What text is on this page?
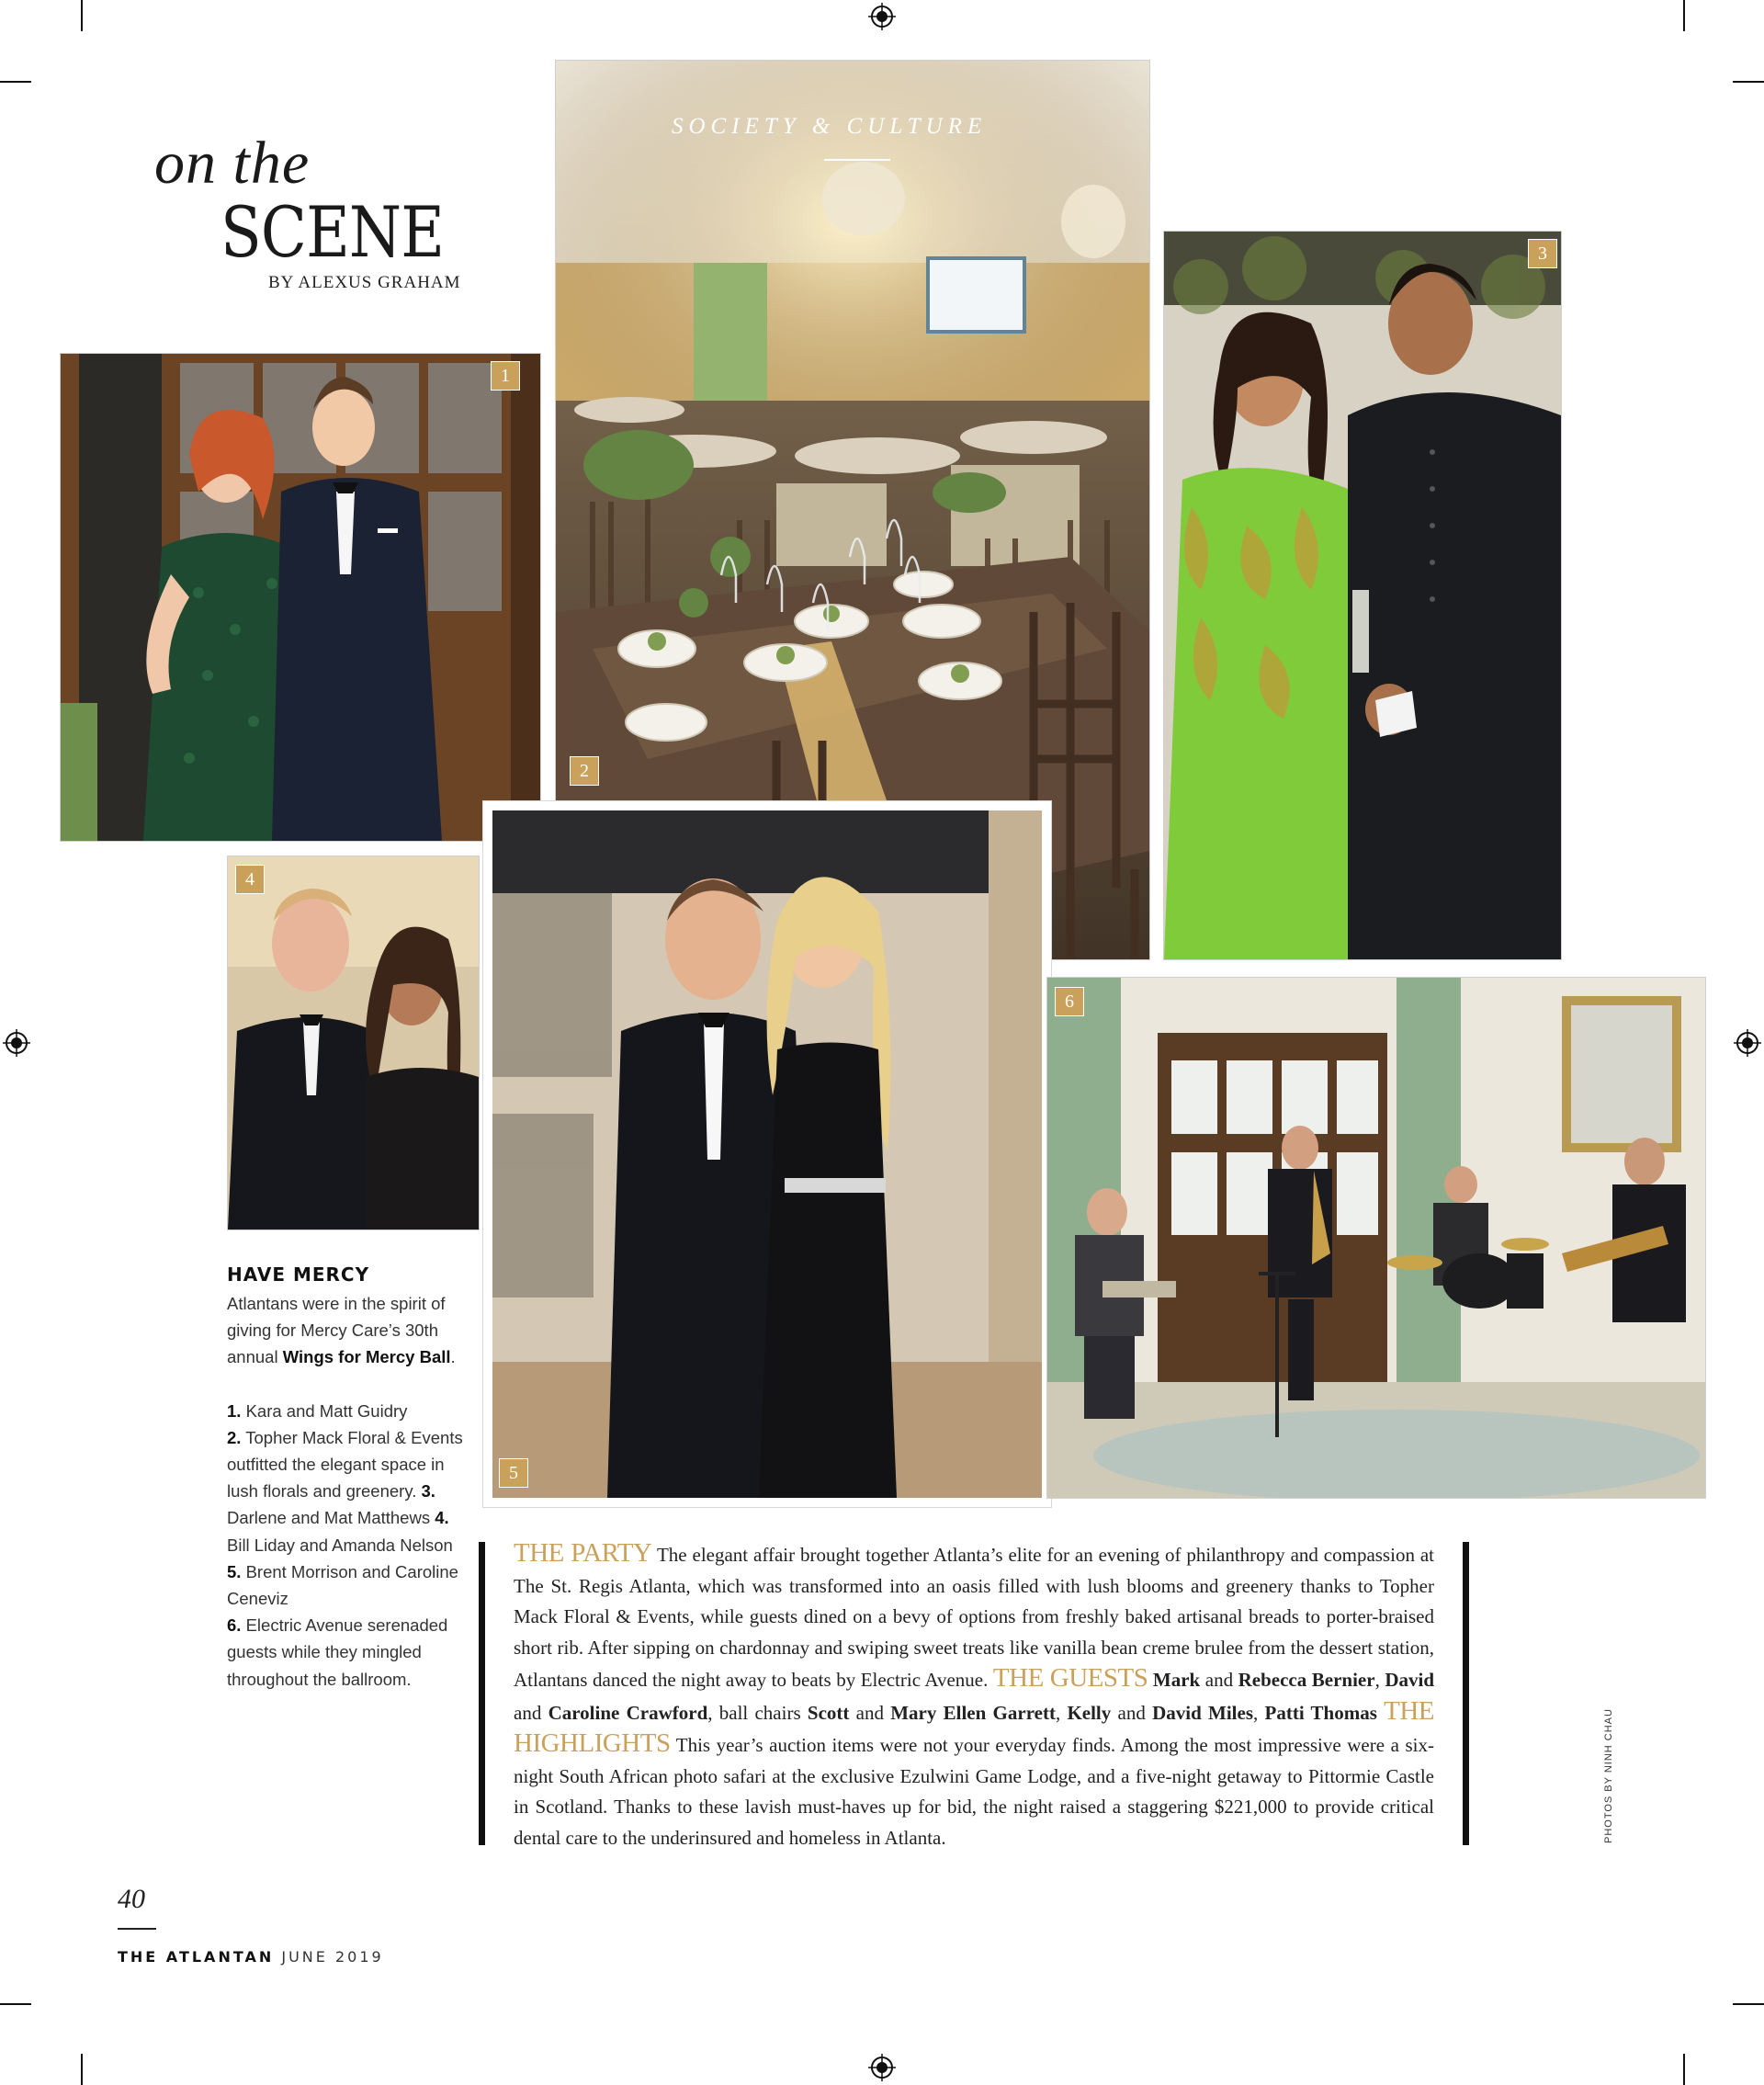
on the
SCENE
BY ALEXUS GRAHAM
SOCIETY & CULTURE
2
1
3
4
5
6
HAVE MERCY
Atlantans were in the spirit of giving for Mercy Care’s 30th annual Wings for Mercy Ball.
1. Kara and Matt Guidry
2. Topher Mack Floral & Events outfitted the elegant space in lush florals and greenery. 3. Darlene and Mat Matthews 4. Bill Liday and Amanda Nelson
5. Brent Morrison and Caroline Ceneviz
6. Electric Avenue serenaded guests while they mingled throughout the ballroom.
THE PARTY The elegant affair brought together Atlanta’s elite for an evening of philanthropy and compassion at The St. Regis Atlanta, which was transformed into an oasis filled with lush blooms and greenery thanks to Topher Mack Floral & Events, while guests dined on a bevy of options from freshly baked artisanal breads to porter-braised short rib. After sipping on chardonnay and swiping sweet treats like vanilla bean creme brulee from the dessert station, Atlantans danced the night away to beats by Electric Avenue. THE GUESTS Mark and Rebecca Bernier, David and Caroline Crawford, ball chairs Scott and Mary Ellen Garrett, Kelly and David Miles, Patti Thomas THE HIGHLIGHTS This year’s auction items were not your everyday finds. Among the most impressive were a six-night South African photo safari at the exclusive Ezulwini Game Lodge, and a five-night getaway to Pittormie Castle in Scotland. Thanks to these lavish must-haves up for bid, the night raised a staggering $221,000 to provide critical dental care to the underinsured and homeless in Atlanta.	PHOTOS BY NINH CHAU
40
THE ATLANTAN JUNE 2019
